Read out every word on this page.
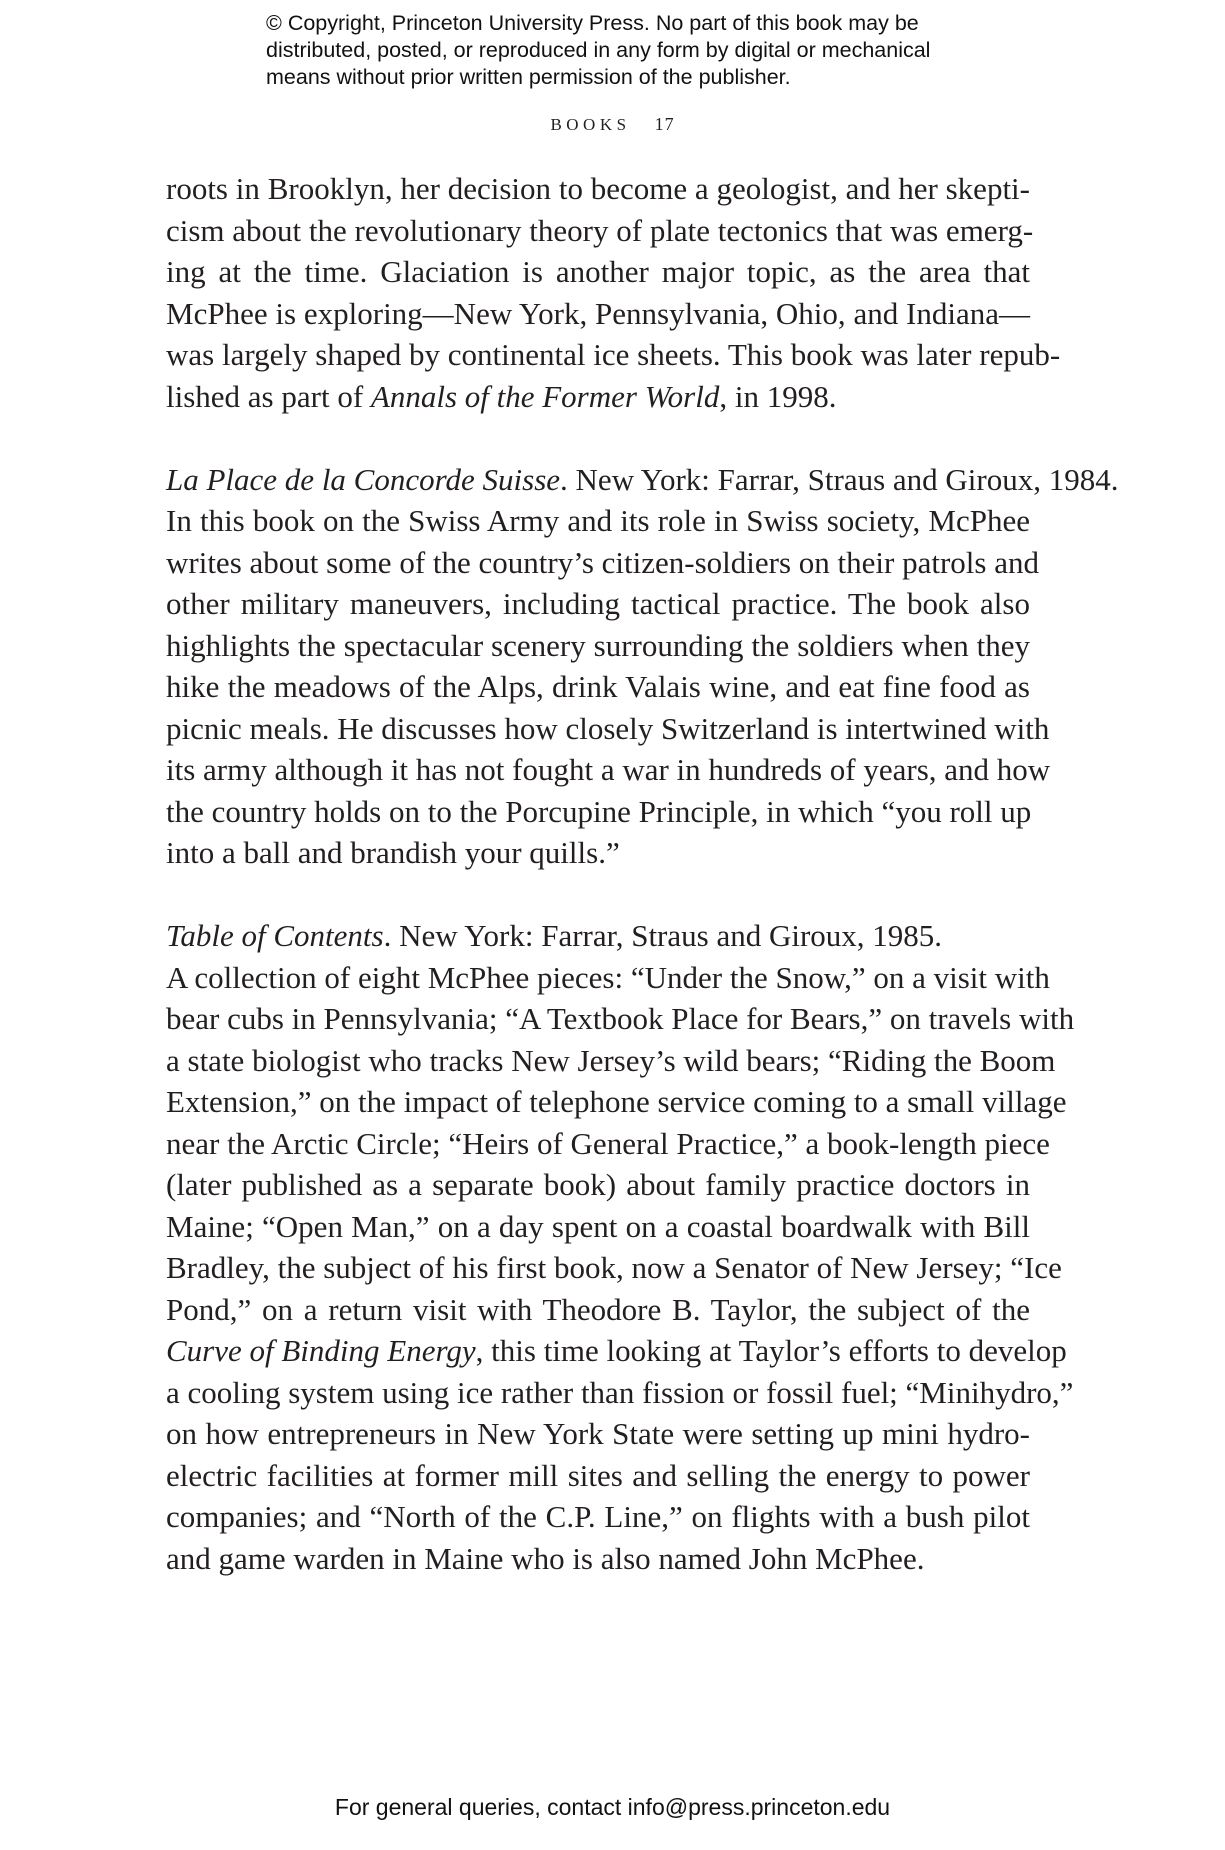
© Copyright, Princeton University Press. No part of this book may be
distributed, posted, or reproduced in any form by digital or mechanical
means without prior written permission of the publisher.
BOOKS 17
roots in Brooklyn, her decision to become a geologist, and her skepti-
cism about the revolutionary theory of plate tectonics that was emerg-
ing at the time. Glaciation is another major topic, as the area that
McPhee is exploring—New York, Pennsylvania, Ohio, and Indiana—
was largely shaped by continental ice sheets. This book was later repub-
lished as part of Annals of the Former World, in 1998.
La Place de la Concorde Suisse. New York: Farrar, Straus and Giroux, 1984.
In this book on the Swiss Army and its role in Swiss society, McPhee
writes about some of the country’s citizen-soldiers on their patrols and
other military maneuvers, including tactical practice. The book also
highlights the spectacular scenery surrounding the soldiers when they
hike the meadows of the Alps, drink Valais wine, and eat fine food as
picnic meals. He discusses how closely Switzerland is intertwined with
its army although it has not fought a war in hundreds of years, and how
the country holds on to the Porcupine Principle, in which “you roll up
into a ball and brandish your quills.”
Table of Contents. New York: Farrar, Straus and Giroux, 1985.
A collection of eight McPhee pieces: “Under the Snow,” on a visit with
bear cubs in Pennsylvania; “A Textbook Place for Bears,” on travels with
a state biologist who tracks New Jersey’s wild bears; “Riding the Boom
Extension,” on the impact of telephone service coming to a small village
near the Arctic Circle; “Heirs of General Practice,” a book-length piece
(later published as a separate book) about family practice doctors in
Maine; “Open Man,” on a day spent on a coastal boardwalk with Bill
Bradley, the subject of his first book, now a Senator of New Jersey; “Ice
Pond,” on a return visit with Theodore B. Taylor, the subject of the
Curve of Binding Energy, this time looking at Taylor’s efforts to develop
a cooling system using ice rather than fission or fossil fuel; “Minihydro,”
on how entrepreneurs in New York State were setting up mini hydro-
electric facilities at former mill sites and selling the energy to power
companies; and “North of the C.P. Line,” on flights with a bush pilot
and game warden in Maine who is also named John McPhee.
For general queries, contact info@press.princeton.edu
